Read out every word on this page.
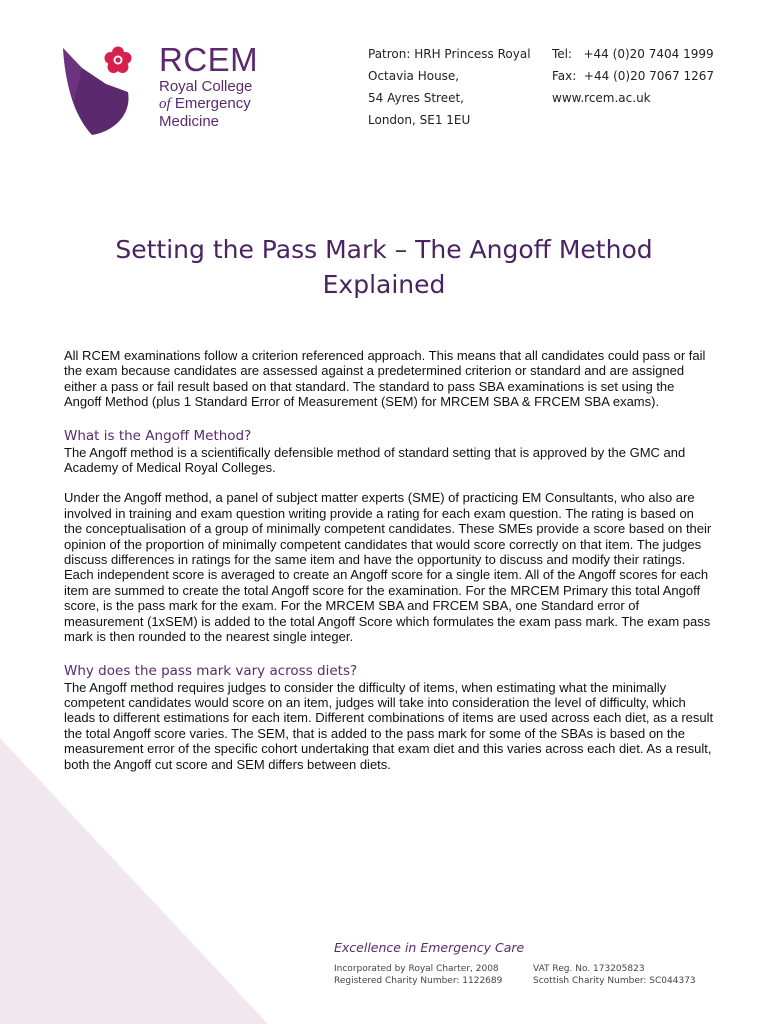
RCEM
Royal College
of Emergency
Medicine
Patron: HRH Princess Royal
Octavia House,
54 Ayres Street,
London, SE1 1EU
Tel:   +44 (0)20 7404 1999
Fax:  +44 (0)20 7067 1267
www.rcem.ac.uk
Setting the Pass Mark – The Angoff Method
Explained

All RCEM examinations follow a criterion referenced approach. This means that all candidates could pass or fail the exam because candidates are assessed against a predetermined criterion or standard and are assigned either a pass or fail result based on that standard. The standard to pass SBA examinations is set using the Angoff Method (plus 1 Standard Error of Measurement (SEM) for MRCEM SBA & FRCEM SBA exams).

What is the Angoff Method?

The Angoff method is a scientifically defensible method of standard setting that is approved by the GMC and Academy of Medical Royal Colleges.

Under the Angoff method, a panel of subject matter experts (SME) of practicing EM Consultants, who also are involved in training and exam question writing provide a rating for each exam question. The rating is based on the conceptualisation of a group of minimally competent candidates. These SMEs provide a score based on their opinion of the proportion of minimally competent candidates that would score correctly on that item. The judges discuss differences in ratings for the same item and have the opportunity to discuss and modify their ratings. Each independent score is averaged to create an Angoff score for a single item. All of the Angoff scores for each item are summed to create the total Angoff score for the examination. For the MRCEM Primary this total Angoff score, is the pass mark for the exam. For the MRCEM SBA and FRCEM SBA, one Standard error of measurement (1xSEM) is added to the total Angoff Score which formulates the exam pass mark. The exam pass mark is then rounded to the nearest single integer.

Why does the pass mark vary across diets?

The Angoff method requires judges to consider the difficulty of items, when estimating what the minimally competent candidates would score on an item, judges will take into consideration the level of difficulty, which leads to different estimations for each item. Different combinations of items are used across each diet, as a result the total Angoff score varies. The SEM, that is added to the pass mark for some of the SBAs is based on the measurement error of the specific cohort undertaking that exam diet and this varies across each diet. As a result, both the Angoff cut score and SEM differs between diets.

Excellence in Emergency Care
Incorporated by Royal Charter, 2008
Registered Charity Number: 1122689
VAT Reg. No. 173205823
Scottish Charity Number: SC044373
